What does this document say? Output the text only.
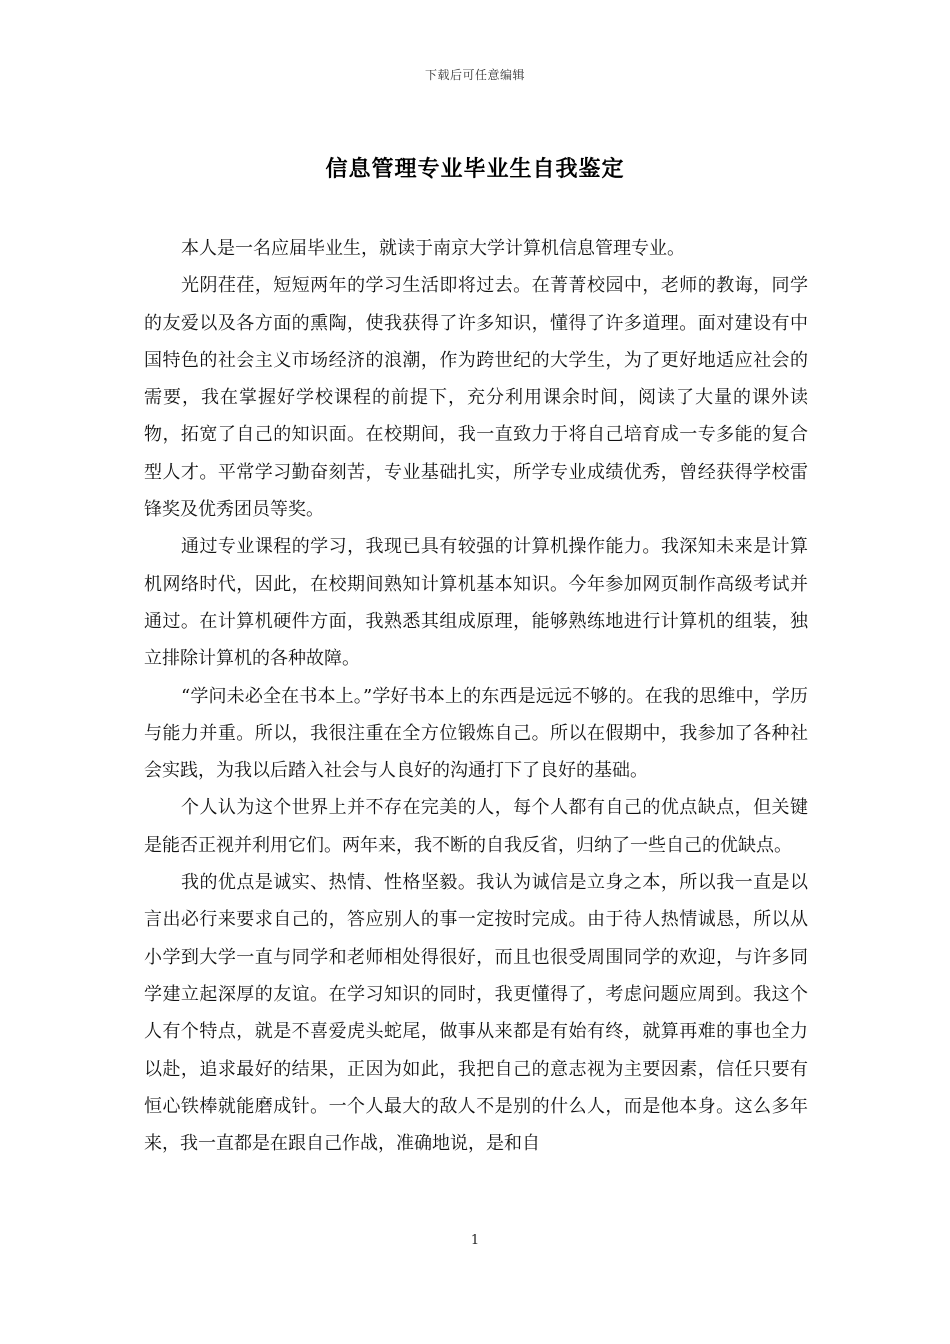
下载后可任意编辑
信息管理专业毕业生自我鉴定

本人是一名应届毕业生，就读于南京大学计算机信息管理专业。

光阴荏荏，短短两年的学习生活即将过去。在菁菁校园中，老师的教诲，同学的友爱以及各方面的熏陶，使我获得了许多知识，懂得了许多道理。面对建设有中国特色的社会主义市场经济的浪潮，作为跨世纪的大学生，为了更好地适应社会的需要，我在掌握好学校课程的前提下，充分利用课余时间，阅读了大量的课外读物，拓宽了自己的知识面。在校期间，我一直致力于将自己培育成一专多能的复合型人才。平常学习勤奋刻苦，专业基础扎实，所学专业成绩优秀，曾经获得学校雷锋奖及优秀团员等奖。

通过专业课程的学习，我现已具有较强的计算机操作能力。我深知未来是计算机网络时代，因此，在校期间熟知计算机基本知识。今年参加网页制作高级考试并通过。在计算机硬件方面，我熟悉其组成原理，能够熟练地进行计算机的组装，独立排除计算机的各种故障。

“学问未必全在书本上。”学好书本上的东西是远远不够的。在我的思维中，学历与能力并重。所以，我很注重在全方位锻炼自己。所以在假期中，我参加了各种社会实践，为我以后踏入社会与人良好的沟通打下了良好的基础。

个人认为这个世界上并不存在完美的人，每个人都有自己的优点缺点，但关键是能否正视并利用它们。两年来，我不断的自我反省，归纳了一些自己的优缺点。

我的优点是诚实、热情、性格坚毅。我认为诚信是立身之本，所以我一直是以言出必行来要求自己的，答应别人的事一定按时完成。由于待人热情诚恳，所以从小学到大学一直与同学和老师相处得很好，而且也很受周围同学的欢迎，与许多同学建立起深厚的友谊。在学习知识的同时，我更懂得了，考虑问题应周到。我这个人有个特点，就是不喜爱虎头蛇尾，做事从来都是有始有终，就算再难的事也全力以赴，追求最好的结果，正因为如此，我把自己的意志视为主要因素，信任只要有恒心铁棒就能磨成针。一个人最大的敌人不是别的什么人，而是他本身。这么多年来，我一直都是在跟自己作战，准确地说，是和自

1
